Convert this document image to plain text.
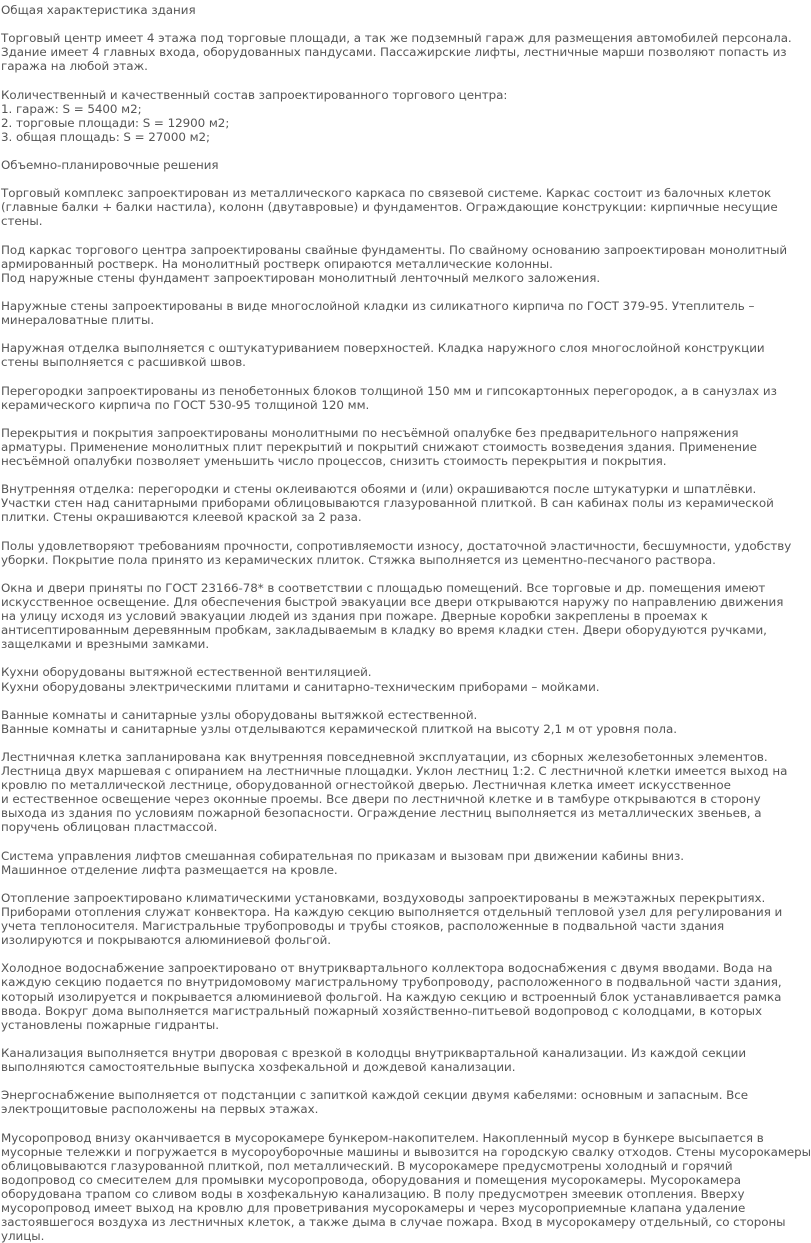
Общая характеристика здания
Торговый центр имеет 4 этажа под торговые площади, а так же подземный гараж для размещения автомобилей персонала.
Здание имеет 4 главных входа, оборудованных пандусами. Пассажирские лифты, лестничные марши позволяют попасть из
гаража на любой этаж.
Количественный и качественный состав запроектированного торгового центра:
1. гараж: S = 5400 м2;
2. торговые площади: S = 12900 м2;
3. общая площадь: S = 27000 м2;
Объемно-планировочные решения
Торговый комплекс запроектирован из металлического каркаса по связевой системе. Каркас состоит из балочных клеток
(главные балки + балки настила), колонн (двутавровые) и фундаментов. Ограждающие конструкции: кирпичные несущие
стены.
Под каркас торгового центра запроектированы свайные фундаменты. По свайному основанию запроектирован монолитный
армированный ростверк. На монолитный ростверк опираются металлические колонны.
Под наружные стены фундамент запроектирован монолитный ленточный мелкого заложения.
Наружные стены запроектированы в виде многослойной кладки из силикатного кирпича по ГОСТ 379-95. Утеплитель –
минераловатные плиты.
Наружная отделка выполняется с оштукатуриванием поверхностей. Кладка наружного слоя многослойной конструкции
стены выполняется с расшивкой швов.
Перегородки запроектированы из пенобетонных блоков толщиной 150 мм и гипсокартонных перегородок, а в санузлах из
керамического кирпича по ГОСТ 530-95 толщиной 120 мм.
Перекрытия и покрытия запроектированы монолитными по несъёмной опалубке без предварительного напряжения
арматуры. Применение монолитных плит перекрытий и покрытий снижают стоимость возведения здания. Применение
несъёмной опалубки позволяет уменьшить число процессов, снизить стоимость перекрытия и покрытия.
Внутренняя отделка: перегородки и стены оклеиваются обоями и (или) окрашиваются после штукатурки и шпатлёвки.
Участки стен над санитарными приборами облицовываются глазурованной плиткой. В сан кабинах полы из керамической
плитки. Стены окрашиваются клеевой краской за 2 раза.
Полы удовлетворяют требованиям прочности, сопротивляемости износу, достаточной эластичности, бесшумности, удобству
уборки. Покрытие пола принято из керамических плиток. Стяжка выполняется из цементно-песчаного раствора.
Окна и двери приняты по ГОСТ 23166-78* в соответствии с площадью помещений. Все торговые и др. помещения имеют
искусственное освещение. Для обеспечения быстрой эвакуации все двери открываются наружу по направлению движения
на улицу исходя из условий эвакуации людей из здания при пожаре. Дверные коробки закреплены в проемах к
антисептированным деревянным пробкам, закладываемым в кладку во время кладки стен. Двери оборудуются ручками,
защелками и врезными замками.
Кухни оборудованы вытяжной естественной вентиляцией.
Кухни оборудованы электрическими плитами и санитарно-техническим приборами – мойками.
Ванные комнаты и санитарные узлы оборудованы вытяжкой естественной.
Ванные комнаты и санитарные узлы отделываются керамической плиткой на высоту 2,1 м от уровня пола.
Лестничная клетка запланирована как внутренняя повседневной эксплуатации, из сборных железобетонных элементов.
Лестница двух маршевая с опиранием на лестничные площадки. Уклон лестниц 1:2. С лестничной клетки имеется выход на
кровлю по металлической лестнице, оборудованной огнестойкой дверью. Лестничная клетка имеет искусственное
и естественное освещение через оконные проемы. Все двери по лестничной клетке и в тамбуре открываются в сторону
выхода из здания по условиям пожарной безопасности. Ограждение лестниц выполняется из металлических звеньев, а
поручень облицован пластмассой.
Система управления лифтов смешанная собирательная по приказам и вызовам при движении кабины вниз.
Машинное отделение лифта размещается на кровле.
Отопление запроектировано климатическими установками, воздуховоды запроектированы в межэтажных перекрытиях.
Приборами отопления служат конвектора. На каждую секцию выполняется отдельный тепловой узел для регулирования и
учета теплоносителя. Магистральные трубопроводы и трубы стояков, расположенные в подвальной части здания
изолируются и покрываются алюминиевой фольгой.
Холодное водоснабжение запроектировано от внутриквартального коллектора водоснабжения с двумя вводами. Вода на
каждую секцию подается по внутридомовому магистральному трубопроводу, расположенного в подвальной части здания,
который изолируется и покрывается алюминиевой фольгой. На каждую секцию и встроенный блок устанавливается рамка
ввода. Вокруг дома выполняется магистральный пожарный хозяйственно-питьевой водопровод с колодцами, в которых
установлены пожарные гидранты.
Канализация выполняется внутри дворовая с врезкой в колодцы внутриквартальной канализации. Из каждой секции
выполняются самостоятельные выпуска хозфекальной и дождевой канализации.
Энергоснабжение выполняется от подстанции с запиткой каждой секции двумя кабелями: основным и запасным. Все
электрощитовые расположены на первых этажах.
Мусоропровод внизу оканчивается в мусорокамере бункером-накопителем. Накопленный мусор в бункере высыпается в
мусорные тележки и погружается в мусороуборочные машины и вывозится на городскую свалку отходов. Стены мусорокамеры
облицовываются глазурованной плиткой, пол металлический. В мусорокамере предусмотрены холодный и горячий
водопровод со смесителем для промывки мусоропровода, оборудования и помещения мусорокамеры. Мусорокамера
оборудована трапом со сливом воды в хозфекальную канализацию. В полу предусмотрен змеевик отопления. Вверху
мусоропровод имеет выход на кровлю для проветривания мусорокамеры и через мусороприемные клапана удаление
застоявшегося воздуха из лестничных клеток, а также дыма в случае пожара. Вход в мусорокамеру отдельный, со стороны
улицы.
